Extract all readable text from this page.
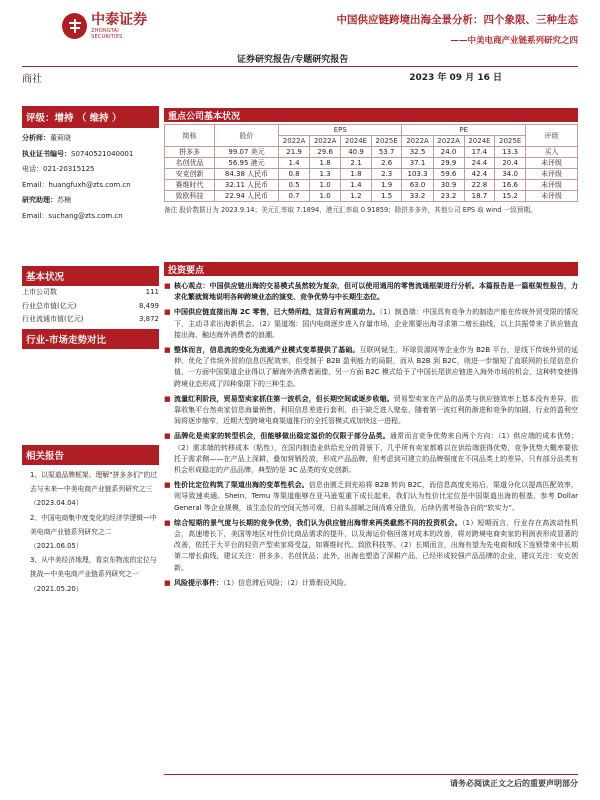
中泰证券
ZHONGTAI SECURITIES
中国供应链跨境出海全景分析：四个象限、三种生态
——中美电商产业链系列研究之四
证券研究报告/专题研究报告
商社	2023 年 09 月 16 日
评级：增持 （ 维持 ）
分析师：董莉晓
执业证书编号：S0740521040001
电话：021-20315125
Email：huangfuxh@zts.com.cn
研究助理：苏楠
Email：suchang@zts.com.cn
基本状况
上市公司数	111
行业总市值(亿元)	8,499
行业流通市值(亿元)	3,872
行业-市场走势对比
相关报告
1、以渠道品牌框架、理解“拼多多们”的过去与未来—中美电商产业链系列研究之三（2023.04.04）
2、中国电商集中度变化的经济学逻辑—中美电商产业链系列研究之二（2021.06.05）
3、从中美经济地理，看京东物流的定位与挑战—中美电商产业链系列研究之一（2021.05.20）
重点公司基本状况
简称	股价	EPS				PE				评级
		2022A	2022A	2024E	2025E	2022A	2022A	2024E	2025E	
拼多多	99.07 美元	21.9	29.6	40.9	53.7	32.5	24.0	17.4	13.3	买入
名创优品	56.95 港元	1.4	1.8	2.1	2.6	37.1	29.9	24.4	20.4	未评级
安克创新	84.38 人民币	0.8	1.3	1.8	2.3	103.3	59.6	42.4	34.0	未评级
赛维时代	32.11 人民币	0.5	1.0	1.4	1.9	63.0	30.9	22.8	16.6	未评级
致欧科技	22.94 人民币	0.7	1.0	1.2	1.5	33.2	23.2	18.7	15.2	未评级
备注 股价数据日为 2023.9.14；美元汇率取 7.1894，港元汇率取 0.91859；除拼多多外，其他公司 EPS 取 wind 一致预期。
投资要点
■ 核心观点：中国供应链出海的交易模式虽然较为复杂，但可以使用通用的零售流通框架进行分析。本篇报告是一篇框架性报告，力求化繁就简地说明各种跨境业态的演变、竞争优势与中长期生态位。
■ 中国供应链直接出海 2C 零售，已大势所趋，这背后有两重动力。（1）制造端：中国具有竞争力的制造产能在传统外贸受限的情况下，主动寻求出海新机会。（2）渠道端：国内电商逐步进入存量市场，企业需要出海寻求第二增长曲线，以上共振带来了供应链直接出海，触达海外消费者的浪潮。
■ 整体而言，信息流的变化为流通产业模式变革提供了基础。互联网诞生，环球资源网等企业作为 B2B 平台，是线下传统外贸的延伸，优化了传统外贸的信息匹配效率，但受制于 B2B 盈利能力的局限，而从 B2B 到 B2C，则进一步缩短了直联网的长尾信息价值，一方面中国渠道企业得以了解海外消费者画像，另一方面 B2C 模式给予了中国长尾供应链进入海外市场的机会，这种转变使得跨境业态形成了四种象限下的三种生态。
■ 流量红利阶段，贸易型卖家抓住第一波机会，但长期空间或逐步收缩。贸易型卖家在产品的品类与供应链效率上基本没有差异，依靠收集平台然卖家信息海量销售，利用信息差进行套利，由于缺乏进入壁垒，随着第一波红利的渐进和竞争的加剧，行业的盈利空间将逐步缩窄，近期大型跨境电商渠道推行的全托管模式成加快这一进程。
■ 品牌化是卖家的转型机会，但能够做出稳定溢价的仅限于部分品类。通常而言竞争优势来自两个方向：（1）供应端的成本优势；（2）需求端的转移成本（粘性），在国内制造业供给充分的背景下，几乎所有卖家都难以在供给端获得优势，竞争优势大概率要依托于需求侧——在产品上深耕，叠加营销投放，形成产品品牌，但考虑到可建立的品牌强度在不同品类上的差异，只有部分品类有机会形成稳定的产品品牌，典型的是 3C 品类的安克创新。
■ 性价比定位构筑了渠道出海的变革性机会。信息由匮乏到充裕将 B2B 转向 B2C，而信息高度充裕后，渠道分化以提高匹配效率，则导致速卖通、Shein、Temu 等渠道能够在亚马逊冤重下成长起来，我们认为性价比定位是中国渠道出海的根基，参考 Dollar General 等企业规模，该生态位的空间天然可观，日前头部赋之间尚难分胜负，后续仍需考验各自的“软实力”。
■ 综合短期的景气度与长期的竞争优势，我们认为供应链出海带来两类截然不同的投资机会。（1）短期而言，行业存在高波动性机会，高速增长下，美国等地区对性价比商品需求的提升，以及海运价格回落对成本的改善，将对跨境电商卖家的利润表形成显著的改善，依托于大平台的轻资产型卖家将受益，如赛维时代、致欧科技等。（2）长期而言，出海有望为先电商和线下连锁带来中长期第二增长曲线，建议关注：拼多多、名创优品；此外，出海也塑造了深耕产品，已经形成较强产品品牌的企业，建议关注：安克创新。
■ 风险提示事件：（1）信息滞后风险；（2）计算假设风险。
请务必阅读正文之后的重要声明部分
